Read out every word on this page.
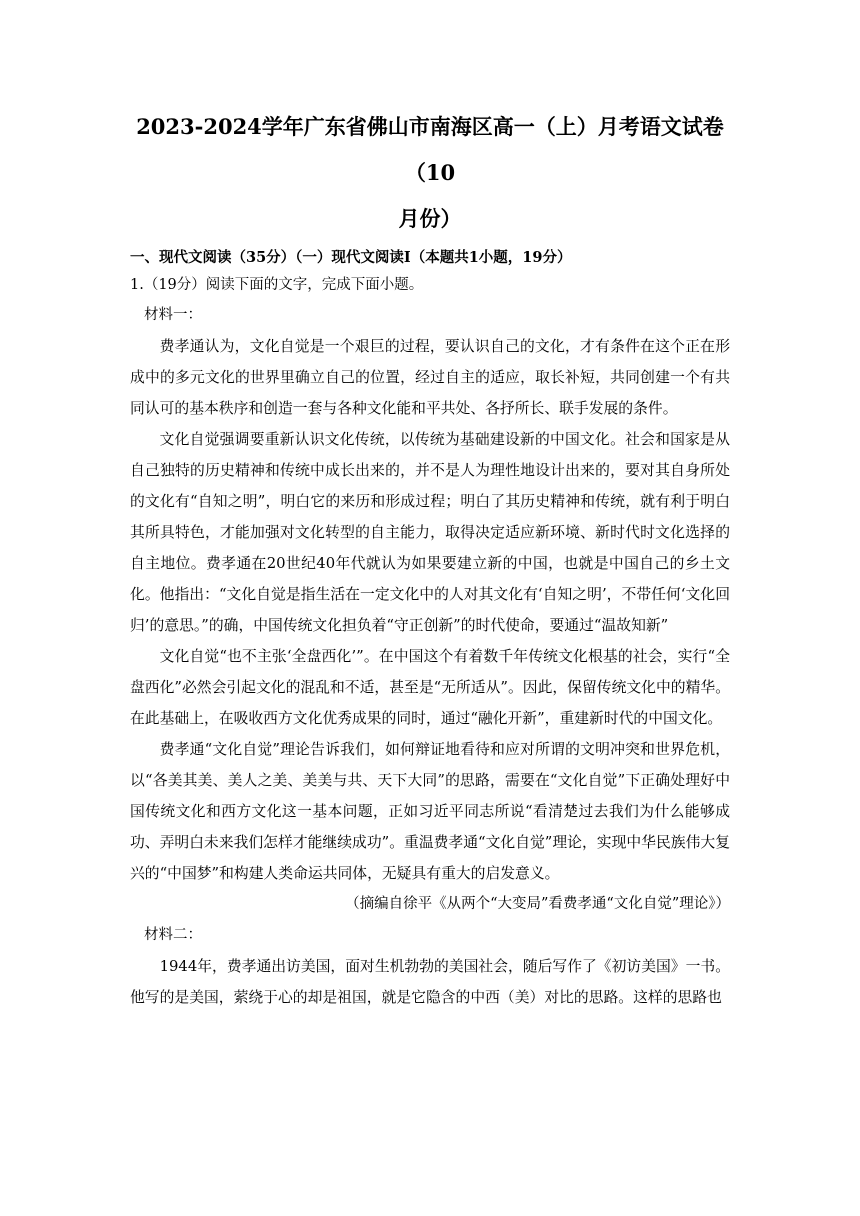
2023-2024学年广东省佛山市南海区高一（上）月考语文试卷（10
月份）

一、现代文阅读（35分）（一）现代文阅读Ⅰ（本题共1小题，19分）

1.（19分）阅读下面的文字，完成下面小题。

材料一：

费孝通认为，文化自觉是一个艰巨的过程，要认识自己的文化，才有条件在这个正在形成中的多元文化的世界里确立自己的位置，经过自主的适应，取长补短，共同创建一个有共同认可的基本秩序和创造一套与各种文化能和平共处、各抒所长、联手发展的条件。

文化自觉强调要重新认识文化传统，以传统为基础建设新的中国文化。社会和国家是从自己独特的历史精神和传统中成长出来的，并不是人为理性地设计出来的，要对其自身所处的文化有“自知之明”，明白它的来历和形成过程；明白了其历史精神和传统，就有利于明白其所具特色，才能加强对文化转型的自主能力，取得决定适应新环境、新时代时文化选择的自主地位。费孝通在20世纪40年代就认为如果要建立新的中国，也就是中国自己的乡土文化。他指出：“文化自觉是指生活在一定文化中的人对其文化有‘自知之明’，不带任何‘文化回归’的意思。”的确，中国传统文化担负着“守正创新”的时代使命，要通过“温故知新”

文化自觉“也不主张‘全盘西化’”。在中国这个有着数千年传统文化根基的社会，实行“全盘西化”必然会引起文化的混乱和不适，甚至是“无所适从”。因此，保留传统文化中的精华。在此基础上，在吸收西方文化优秀成果的同时，通过“融化开新”，重建新时代的中国文化。

费孝通“文化自觉”理论告诉我们，如何辩证地看待和应对所谓的文明冲突和世界危机，以“各美其美、美人之美、美美与共、天下大同”的思路，需要在“文化自觉”下正确处理好中国传统文化和西方文化这一基本问题，正如习近平同志所说“看清楚过去我们为什么能够成功、弄明白未来我们怎样才能继续成功”。重温费孝通“文化自觉”理论，实现中华民族伟大复兴的“中国梦”和构建人类命运共同体，无疑具有重大的启发意义。

（摘编自徐平《从两个“大变局”看费孝通“文化自觉”理论》）

材料二：

1944年，费孝通出访美国，面对生机勃勃的美国社会，随后写作了《初访美国》一书。他写的是美国，萦绕于心的却是祖国，就是它隐含的中西（美）对比的思路。这样的思路也
